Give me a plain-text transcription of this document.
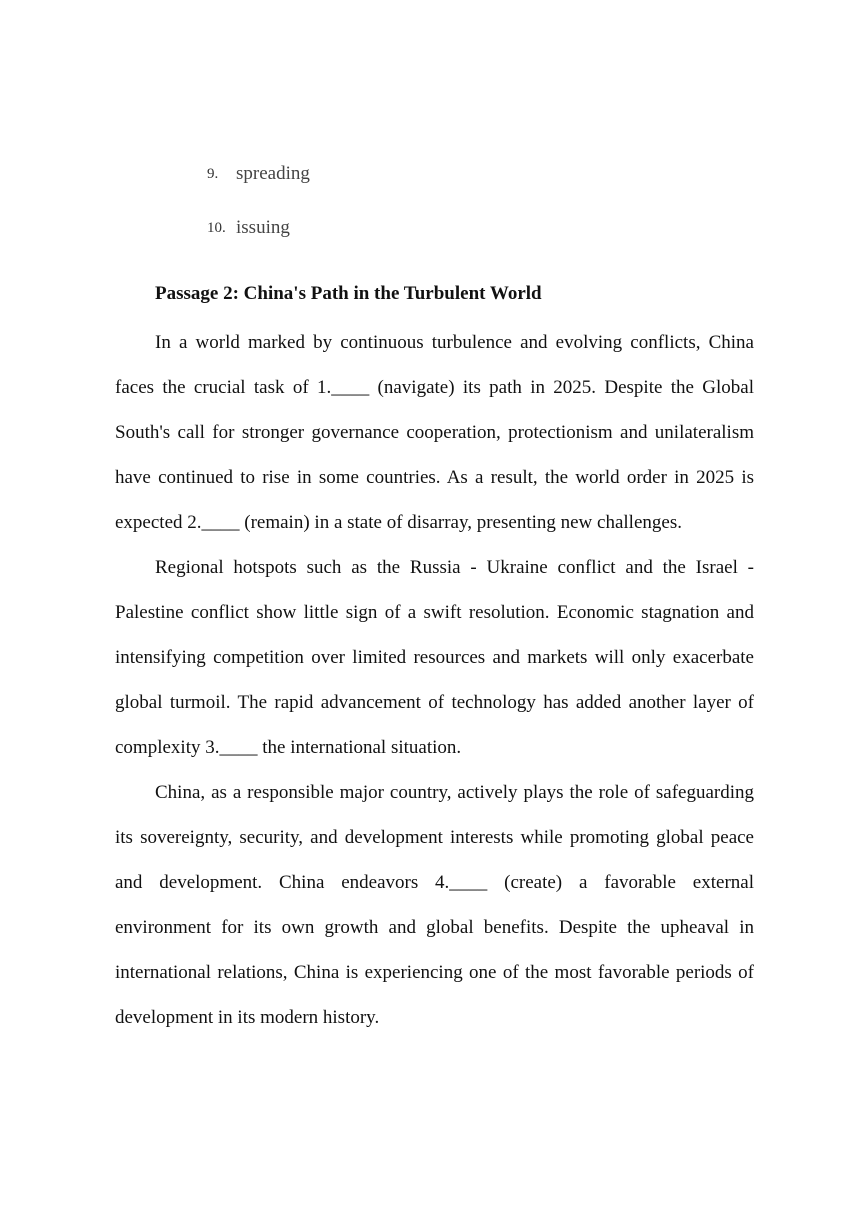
9. spreading
10. issuing
Passage 2: China's Path in the Turbulent World

In a world marked by continuous turbulence and evolving conflicts, China faces the crucial task of 1.____ (navigate) its path in 2025. Despite the Global South's call for stronger governance cooperation, protectionism and unilateralism have continued to rise in some countries. As a result, the world order in 2025 is expected 2.____ (remain) in a state of disarray, presenting new challenges.

Regional hotspots such as the Russia - Ukraine conflict and the Israel - Palestine conflict show little sign of a swift resolution. Economic stagnation and intensifying competition over limited resources and markets will only exacerbate global turmoil. The rapid advancement of technology has added another layer of complexity 3.____ the international situation.

China, as a responsible major country, actively plays the role of safeguarding its sovereignty, security, and development interests while promoting global peace and development. China endeavors 4.____ (create) a favorable external environment for its own growth and global benefits. Despite the upheaval in international relations, China is experiencing one of the most favorable periods of development in its modern history.
